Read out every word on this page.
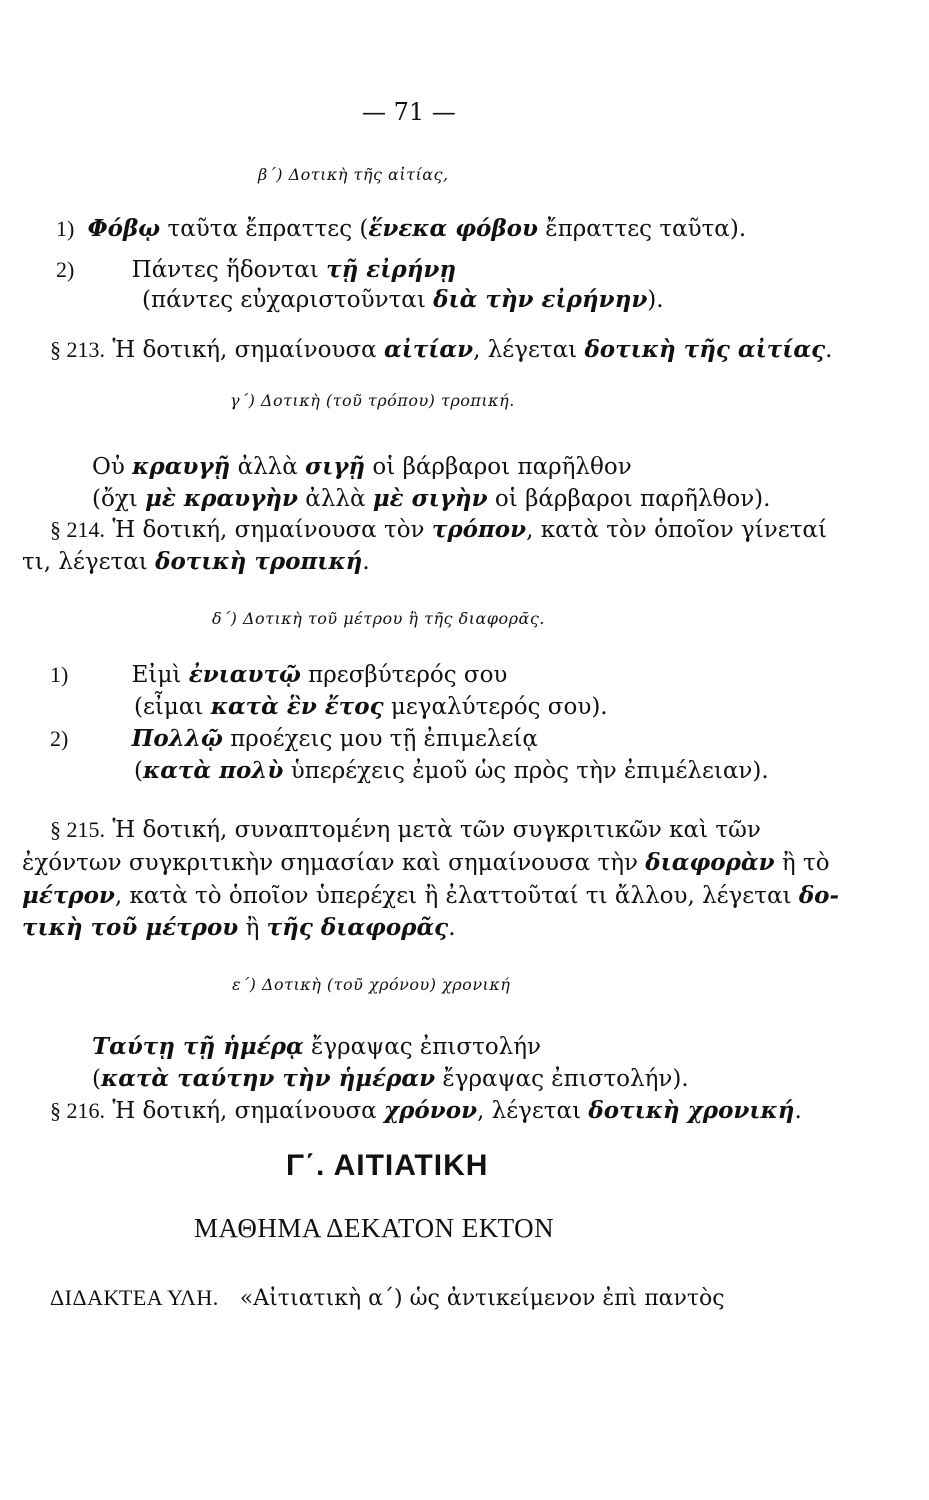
— 71 —
β΄) Δοτικὴ τῆς αἰτίας,
1) Φόβῳ ταῦτα ἔπραττες (ἕνεκα φόβου ἔπραττες ταῦτα).
2) Πάντες ἥδονται τῇ εἰρήνῃ
(πάντες εὐχαριστοῦνται διὰ τὴν εἰρήνην).
§ 213. Ἡ δοτική, σημαίνουσα αἰτίαν, λέγεται δοτικὴ τῆς αἰτίας.
γ΄) Δοτικὴ (τοῦ τρόπου) τροπική.
Οὐ κραυγῇ ἀλλὰ σιγῇ οἱ βάρβαροι παρῆλθον
(ὄχι μὲ κραυγὴν ἀλλὰ μὲ σιγὴν οἱ βάρβαροι παρῆλθον).
§ 214. Ἡ δοτική, σημαίνουσα τὸν τρόπον, κατὰ τὸν ὁποῖον γίνεταί
τι, λέγεται δοτικὴ τροπική.
δ΄) Δοτικὴ τοῦ μέτρου ἢ τῆς διαφορᾶς.
1)	Εἰμὶ ἐνιαυτῷ πρεσβύτερός σου
(εἶμαι κατὰ ἓν ἔτος μεγαλύτερός σου).
2)	Πολλῷ προέχεις μου τῇ ἐπιμελείᾳ
(κατὰ πολὺ ὑπερέχεις ἐμοῦ ὡς πρὸς τὴν ἐπιμέλειαν).
§ 215. Ἡ δοτική, συναπτομένη μετὰ τῶν συγκριτικῶν καὶ τῶν
ἐχόντων συγκριτικὴν σημασίαν καὶ σημαίνουσα τὴν διαφορὰν ἢ τὸ
μέτρον, κατὰ τὸ ὁποῖον ὑπερέχει ἢ ἐλαττοῦταί τι ἄλλου, λέγεται δο-
τικὴ τοῦ μέτρου ἢ τῆς διαφορᾶς.
ε΄) Δοτικὴ (τοῦ χρόνου) χρονική
Ταύτῃ τῇ ἡμέρᾳ ἔγραψας ἐπιστολήν
(κατὰ ταύτην τὴν ἡμέραν ἔγραψας ἐπιστολήν).
§ 216. Ἡ δοτική, σημαίνουσα χρόνον, λέγεται δοτικὴ χρονική.
Γ΄. ΑΙΤΙΑΤΙΚΗ
ΜΑΘΗΜΑ ΔΕΚΑΤΟΝ ΕΚΤΟΝ
ΔΙΔΑΚΤΕΑ ΥΛΗ. «Αἰτιατικὴ α΄) ὡς ἀντικείμενον ἐπὶ παντὸς
